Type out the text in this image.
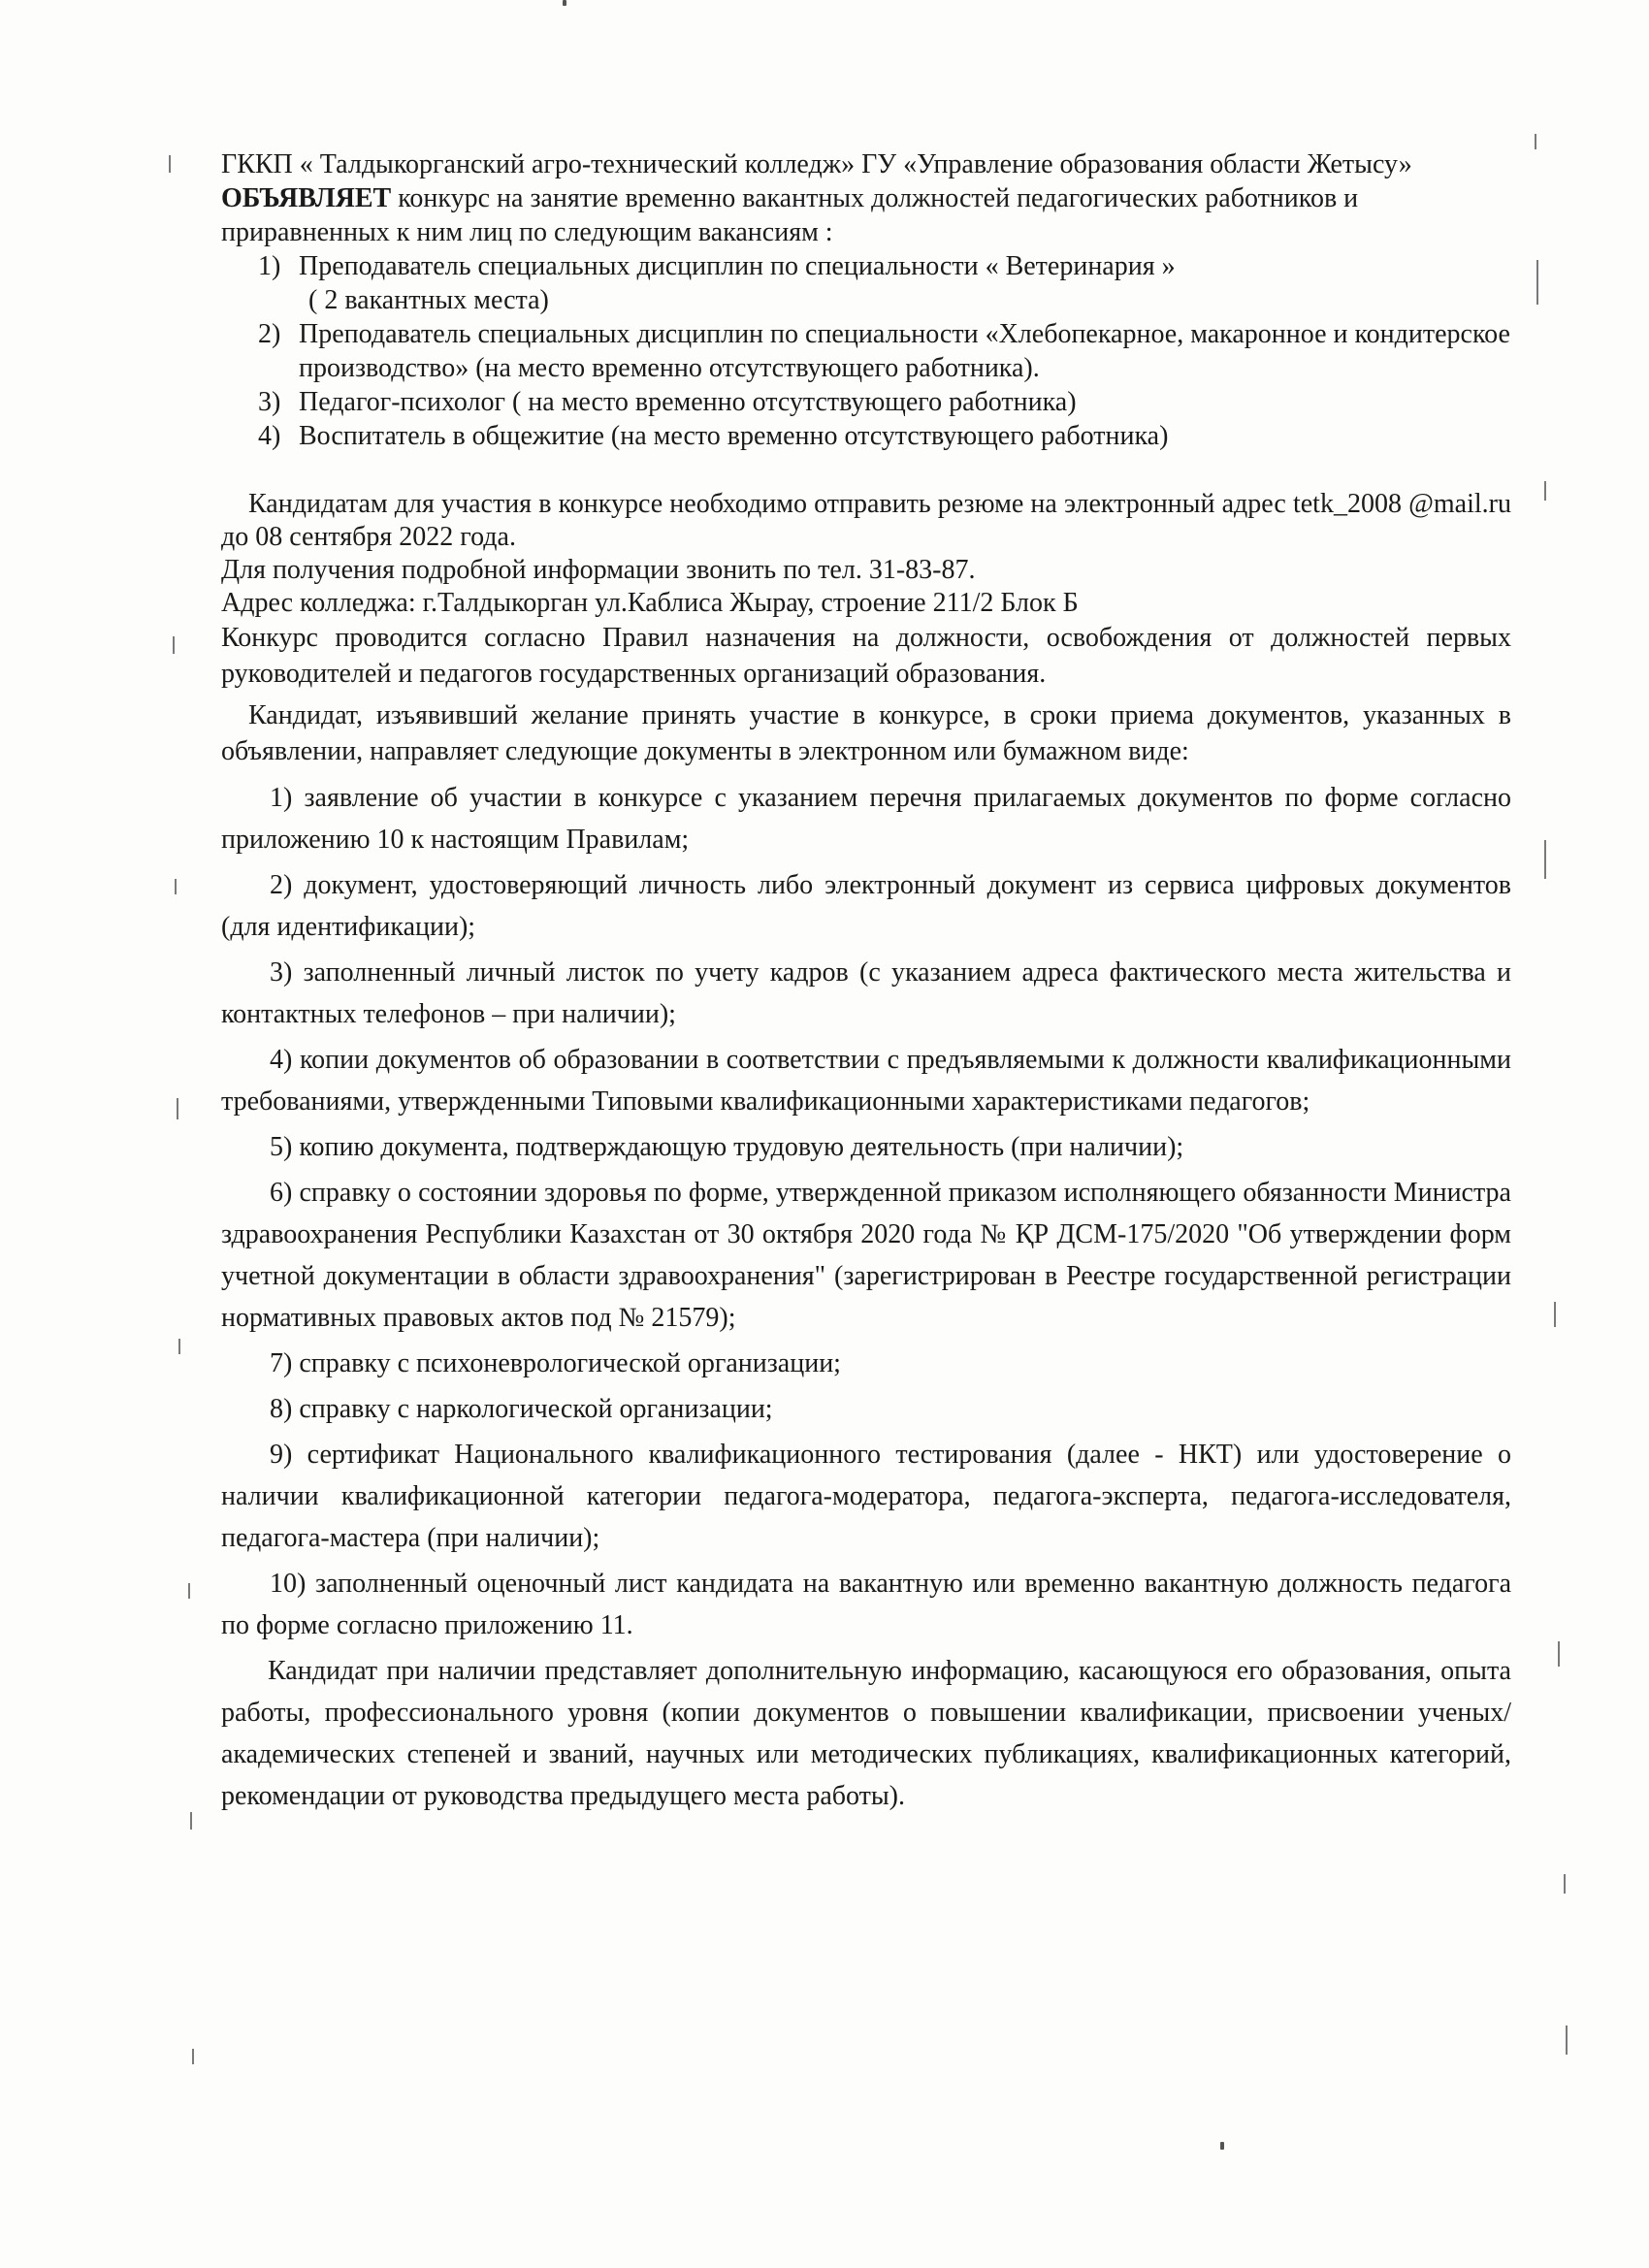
ГККП « Талдыкорганский агро-технический колледж» ГУ «Управление образования области Жетысу» ОБЪЯВЛЯЕТ конкурс на занятие временно вакантных должностей педагогических работников и приравненных к ним лиц по следующим вакансиям :

1) Преподаватель специальных дисциплин по специальности « Ветеринария »
( 2 вакантных места)
2) Преподаватель специальных дисциплин по специальности «Хлебопекарное, макаронное и кондитерское производство» (на место временно отсутствующего работника).
3) Педагог-психолог ( на место временно отсутствующего работника)
4) Воспитатель в общежитие (на место временно отсутствующего работника)

Кандидатам для участия в конкурсе необходимо отправить резюме на электронный адрес tetk_2008 @mail.ru до 08 сентября 2022 года.

Для получения подробной информации звонить по тел. 31-83-87.

Адрес колледжа: г.Талдыкорган ул.Каблиса Жырау, строение 211/2 Блок Б

Конкурс проводится согласно Правил назначения на должности, освобождения от должностей первых руководителей и педагогов государственных организаций образования.

Кандидат, изъявивший желание принять участие в конкурсе, в сроки приема документов, указанных в объявлении, направляет следующие документы в электронном или бумажном виде:

1) заявление об участии в конкурсе с указанием перечня прилагаемых документов по форме согласно приложению 10 к настоящим Правилам;
2) документ, удостоверяющий личность либо электронный документ из сервиса цифровых документов (для идентификации);
3) заполненный личный листок по учету кадров (с указанием адреса фактического места жительства и контактных телефонов – при наличии);
4) копии документов об образовании в соответствии с предъявляемыми к должности квалификационными требованиями, утвержденными Типовыми квалификационными характеристиками педагогов;
5) копию документа, подтверждающую трудовую деятельность (при наличии);
6) справку о состоянии здоровья по форме, утвержденной приказом исполняющего обязанности Министра здравоохранения Республики Казахстан от 30 октября 2020 года № ҚР ДСМ-175/2020 "Об утверждении форм учетной документации в области здравоохранения" (зарегистрирован в Реестре государственной регистрации нормативных правовых актов под № 21579);
7) справку с психоневрологической организации;
8) справку с наркологической организации;
9) сертификат Национального квалификационного тестирования (далее - НКТ) или удостоверение о наличии квалификационной категории педагога-модератора, педагога-эксперта, педагога-исследователя, педагога-мастера (при наличии);
10) заполненный оценочный лист кандидата на вакантную или временно вакантную должность педагога по форме согласно приложению 11.

Кандидат при наличии представляет дополнительную информацию, касающуюся его образования, опыта работы, профессионального уровня (копии документов о повышении квалификации, присвоении ученых/академических степеней и званий, научных или методических публикациях, квалификационных категорий, рекомендации от руководства предыдущего места работы).
